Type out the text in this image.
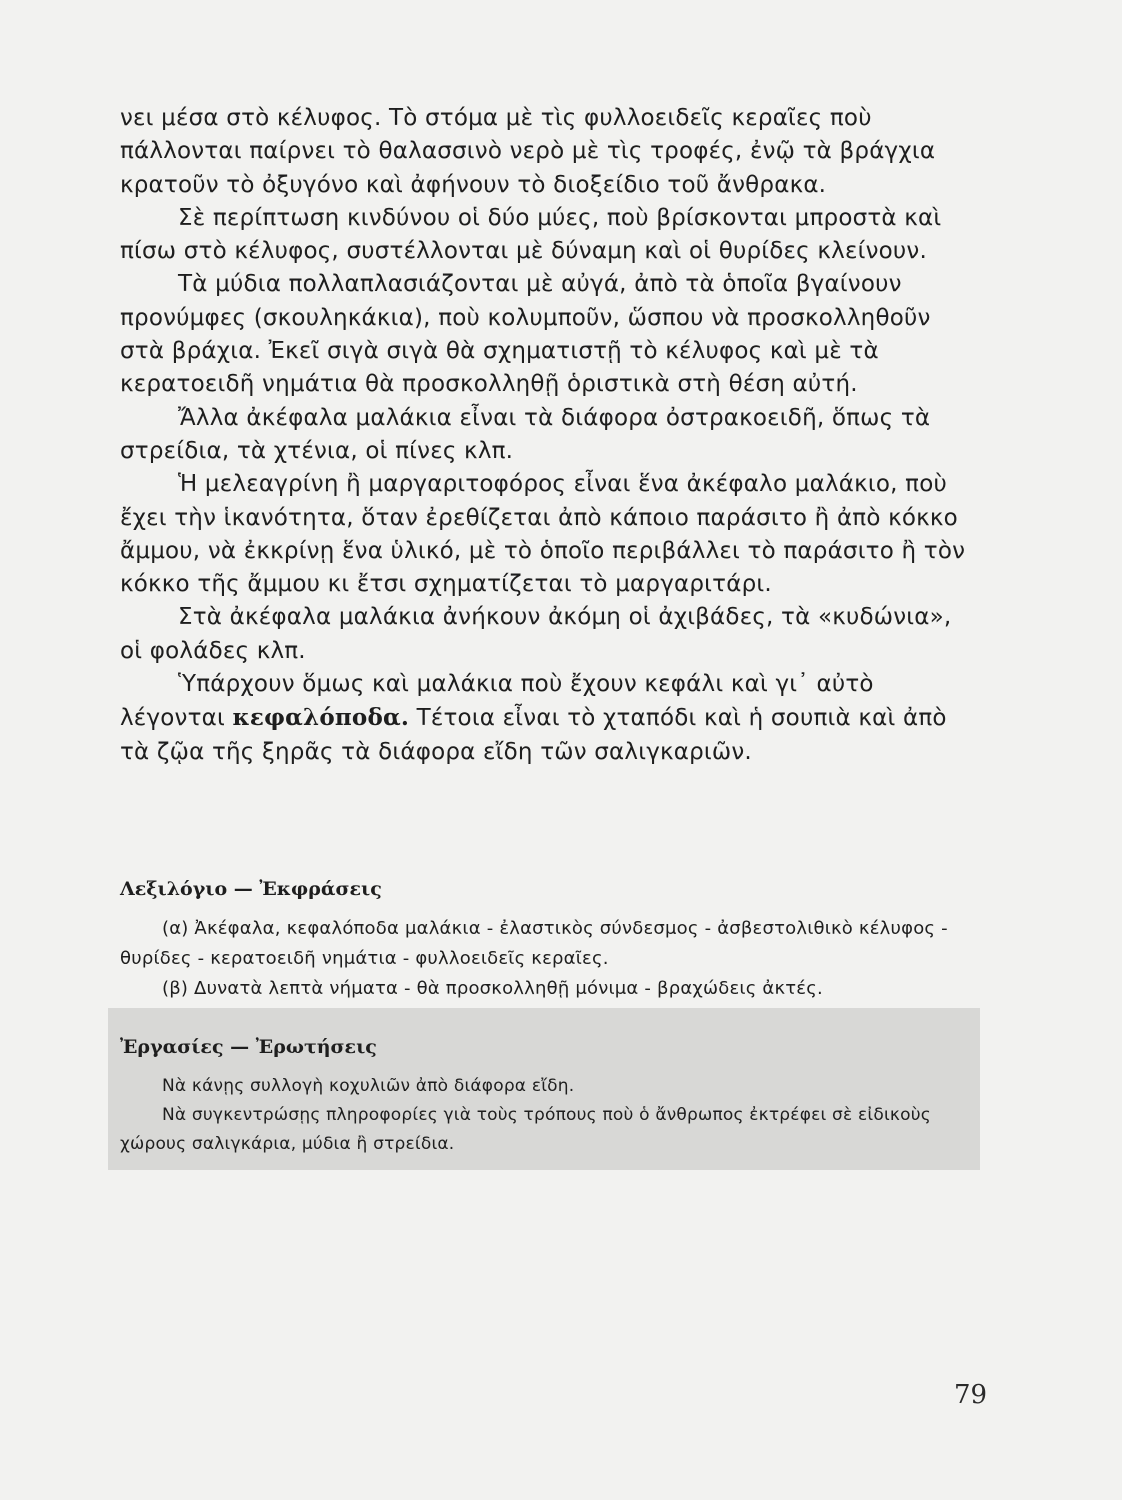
νει μέσα στὸ κέλυφος. Τὸ στόμα μὲ τὶς φυλλοειδεῖς κεραῖες ποὺ πάλλονται παίρνει τὸ θαλασσινὸ νερὸ μὲ τὶς τροφές, ἐνῷ τὰ βράγχια κρατοῦν τὸ ὀξυγόνο καὶ ἀφήνουν τὸ διοξείδιο τοῦ ἄνθρακα.

Σὲ περίπτωση κινδύνου οἱ δύο μύες, ποὺ βρίσκονται μπροστὰ καὶ πίσω στὸ κέλυφος, συστέλλονται μὲ δύναμη καὶ οἱ θυρίδες κλείνουν.

Τὰ μύδια πολλαπλασιάζονται μὲ αὐγά, ἀπὸ τὰ ὁποῖα βγαίνουν προνύμφες (σκουληκάκια), ποὺ κολυμποῦν, ὥσπου νὰ προσκολληθοῦν στὰ βράχια. Ἐκεῖ σιγὰ σιγὰ θὰ σχηματιστῇ τὸ κέλυφος καὶ μὲ τὰ κερατοειδῆ νημάτια θὰ προσκολληθῇ ὁριστικὰ στὴ θέση αὐτή.

Ἄλλα ἀκέφαλα μαλάκια εἶναι τὰ διάφορα ὀστρακοειδῆ, ὅπως τὰ στρείδια, τὰ χτένια, οἱ πίνες κλπ.

Ἡ μελεαγρίνη ἢ μαργαριτοφόρος εἶναι ἕνα ἀκέφαλο μαλάκιο, ποὺ ἔχει τὴν ἱκανότητα, ὅταν ἐρεθίζεται ἀπὸ κάποιο παράσιτο ἢ ἀπὸ κόκκο ἄμμου, νὰ ἐκκρίνῃ ἕνα ὑλικό, μὲ τὸ ὁποῖο περιβάλλει τὸ παράσιτο ἢ τὸν κόκκο τῆς ἄμμου κι ἔτσι σχηματίζεται τὸ μαργαριτάρι.

Στὰ ἀκέφαλα μαλάκια ἀνήκουν ἀκόμη οἱ ἀχιβάδες, τὰ «κυδώνια», οἱ φολάδες κλπ.

Ὑπάρχουν ὅμως καὶ μαλάκια ποὺ ἔχουν κεφάλι καὶ γι᾿ αὐτὸ λέγονται κεφαλόποδα. Τέτοια εἶναι τὸ χταπόδι καὶ ἡ σουπιὰ καὶ ἀπὸ τὰ ζῷα τῆς ξηρᾶς τὰ διάφορα εἴδη τῶν σαλιγκαριῶν.

Λεξιλόγιο — Ἐκφράσεις

(α) Ἀκέφαλα, κεφαλόποδα μαλάκια - ἐλαστικὸς σύνδεσμος - ἀσβεστολιθικὸ κέλυφος - θυρίδες - κερατοειδῆ νημάτια - φυλλοειδεῖς κεραῖες.

(β) Δυνατὰ λεπτὰ νήματα - θὰ προσκολληθῇ μόνιμα - βραχώδεις ἀκτές.

Ἐργασίες — Ἐρωτήσεις

Νὰ κάνῃς συλλογὴ κοχυλιῶν ἀπὸ διάφορα εἴδη.

Νὰ συγκεντρώσῃς πληροφορίες γιὰ τοὺς τρόπους ποὺ ὁ ἄνθρωπος ἐκτρέφει σὲ εἰδικοὺς χώρους σαλιγκάρια, μύδια ἢ στρείδια.

79
